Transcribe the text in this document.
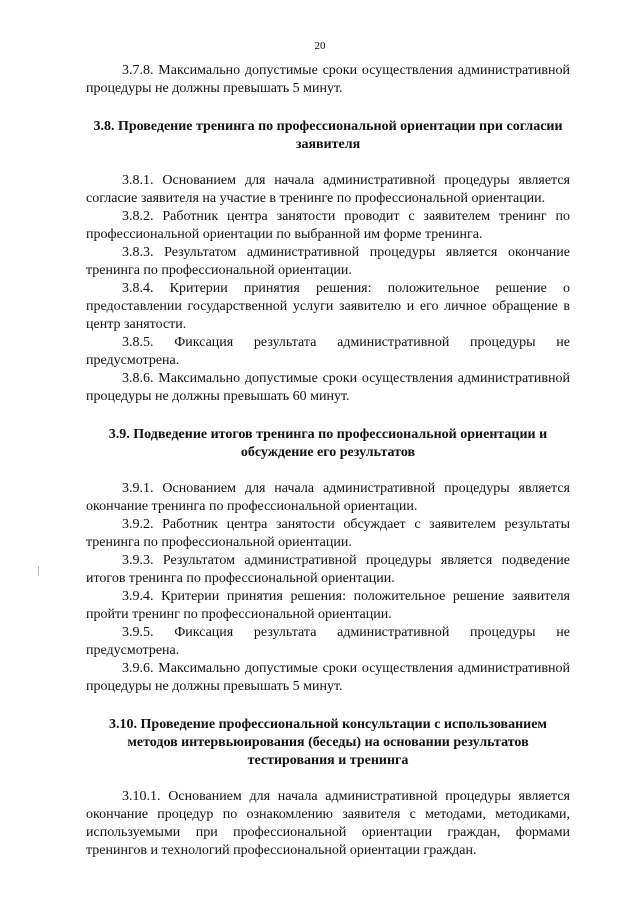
20

3.7.8. Максимально допустимые сроки осуществления административной процедуры не должны превышать 5 минут.

3.8. Проведение тренинга по профессиональной ориентации при согласии заявителя

3.8.1. Основанием для начала административной процедуры является согласие заявителя на участие в тренинге по профессиональной ориентации.

3.8.2. Работник центра занятости проводит с заявителем тренинг по профессиональной ориентации по выбранной им форме тренинга.

3.8.3. Результатом административной процедуры является окончание тренинга по профессиональной ориентации.

3.8.4. Критерии принятия решения: положительное решение о предоставлении государственной услуги заявителю и его личное обращение в центр занятости.

3.8.5. Фиксация результата административной процедуры не предусмотрена.

3.8.6. Максимально допустимые сроки осуществления административной процедуры не должны превышать 60 минут.

3.9. Подведение итогов тренинга по профессиональной ориентации и обсуждение его результатов

3.9.1. Основанием для начала административной процедуры является окончание тренинга по профессиональной ориентации.

3.9.2. Работник центра занятости обсуждает с заявителем результаты тренинга по профессиональной ориентации.

3.9.3. Результатом административной процедуры является подведение итогов тренинга по профессиональной ориентации.

3.9.4. Критерии принятия решения: положительное решение заявителя пройти тренинг по профессиональной ориентации.

3.9.5. Фиксация результата административной процедуры не предусмотрена.

3.9.6. Максимально допустимые сроки осуществления административной процедуры не должны превышать 5 минут.

3.10. Проведение профессиональной консультации с использованием методов интервьюирования (беседы) на основании результатов тестирования и тренинга

3.10.1. Основанием для начала административной процедуры является окончание процедур по ознакомлению заявителя с методами, методиками, используемыми при профессиональной ориентации граждан, формами тренингов и технологий профессиональной ориентации граждан.
